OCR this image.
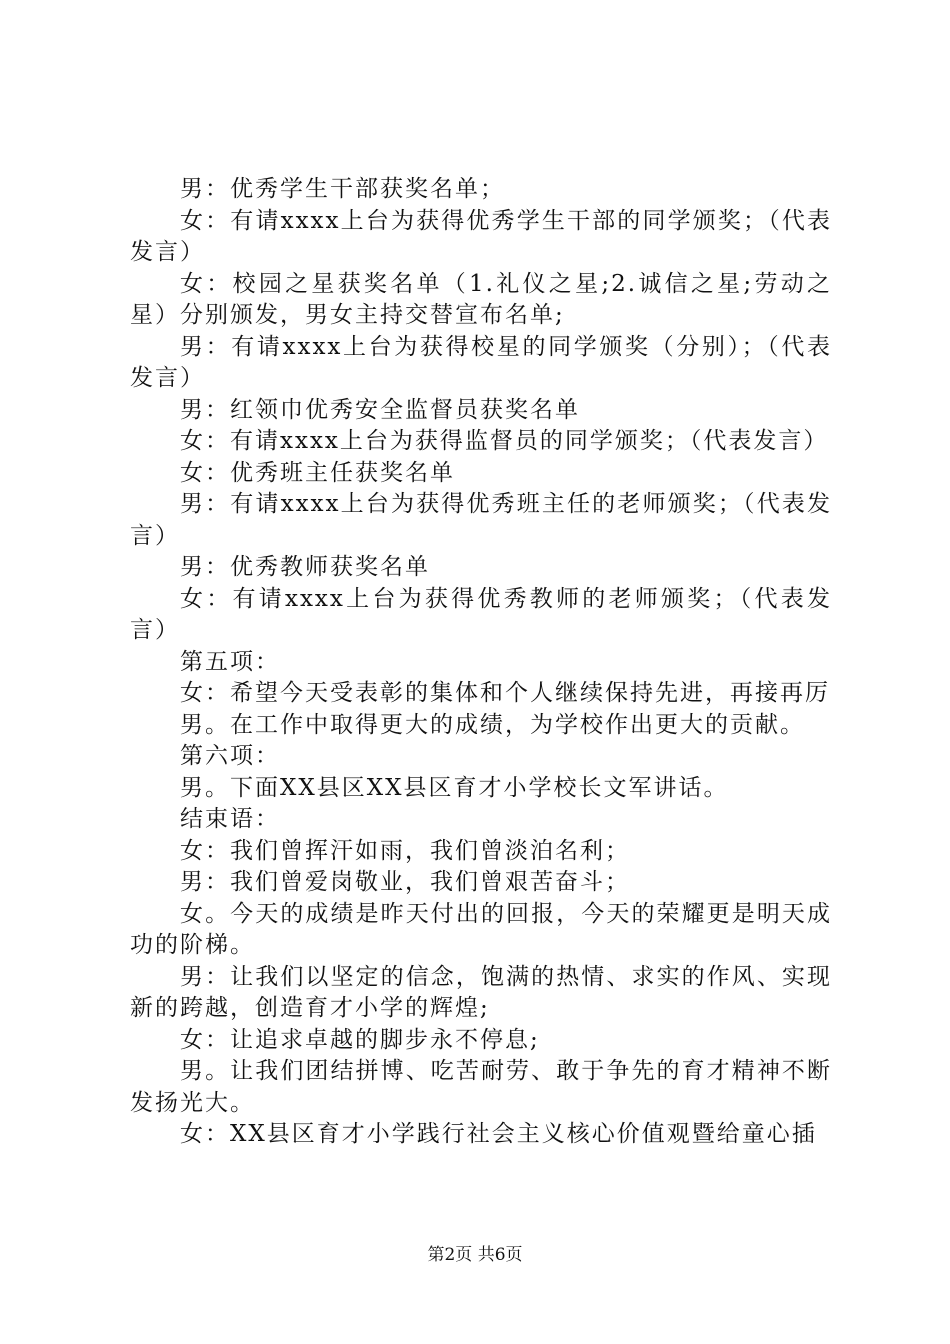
男：优秀学生干部获奖名单；

女：有请xxxx上台为获得优秀学生干部的同学颁奖；（代表发言）

女：校园之星获奖名单（1.礼仪之星;2.诚信之星;劳动之星）分别颁发，男女主持交替宣布名单;

男：有请xxxx上台为获得校星的同学颁奖（分别）；（代表发言）

男：红领巾优秀安全监督员获奖名单

女：有请xxxx上台为获得监督员的同学颁奖；（代表发言）

女：优秀班主任获奖名单

男：有请xxxx上台为获得优秀班主任的老师颁奖；（代表发言）

男：优秀教师获奖名单

女：有请xxxx上台为获得优秀教师的老师颁奖；（代表发言）

第五项：

女：希望今天受表彰的集体和个人继续保持先进，再接再厉

男。在工作中取得更大的成绩，为学校作出更大的贡献。

第六项：

男。下面XX县区XX县区育才小学校长文军讲话。

结束语：

女：我们曾挥汗如雨，我们曾淡泊名利；

男：我们曾爱岗敬业，我们曾艰苦奋斗；

女。今天的成绩是昨天付出的回报，今天的荣耀更是明天成功的阶梯。

男：让我们以坚定的信念，饱满的热情、求实的作风、实现新的跨越，创造育才小学的辉煌;

女：让追求卓越的脚步永不停息;

男。让我们团结拼博、吃苦耐劳、敢于争先的育才精神不断发扬光大。

女：XX县区育才小学践行社会主义核心价值观暨给童心插

第2页 共6页
